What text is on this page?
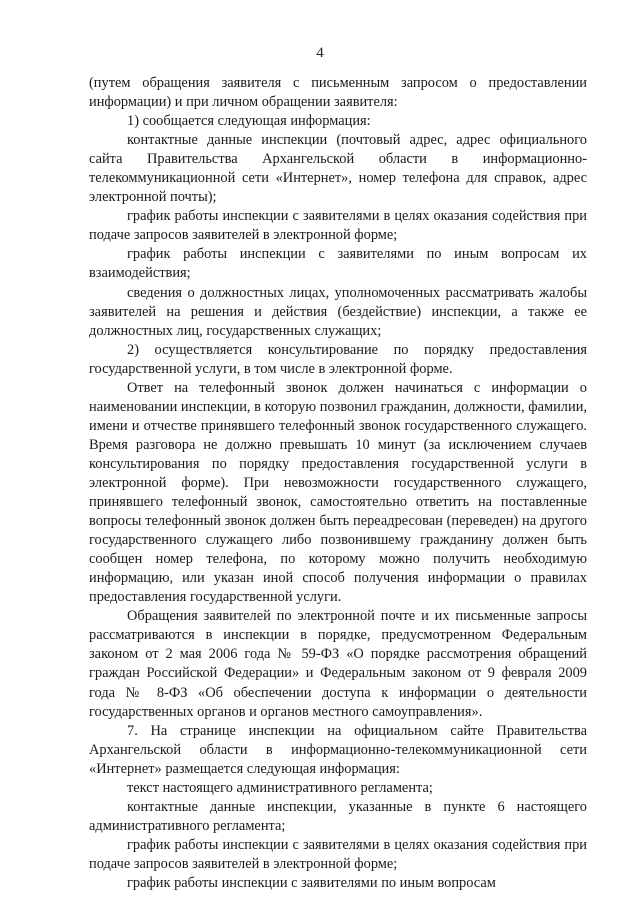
4

(путем обращения заявителя с письменным запросом о предоставлении информации) и при личном обращении заявителя:

1) сообщается следующая информация:

контактные данные инспекции (почтовый адрес, адрес официального сайта Правительства Архангельской области в информационно-телекоммуникационной сети «Интернет», номер телефона для справок, адрес электронной почты);

график работы инспекции с заявителями в целях оказания содействия при подаче запросов заявителей в электронной форме;

график работы инспекции с заявителями по иным вопросам их взаимодействия;

сведения о должностных лицах, уполномоченных рассматривать жалобы заявителей на решения и действия (бездействие) инспекции, а также ее должностных лиц, государственных служащих;

2) осуществляется консультирование по порядку предоставления государственной услуги, в том числе в электронной форме.

Ответ на телефонный звонок должен начинаться с информации о наименовании инспекции, в которую позвонил гражданин, должности, фамилии, имени и отчестве принявшего телефонный звонок государственного служащего. Время разговора не должно превышать 10 минут (за исключением случаев консультирования по порядку предоставления государственной услуги в электронной форме). При невозможности государственного служащего, принявшего телефонный звонок, самостоятельно ответить на поставленные вопросы телефонный звонок должен быть переадресован (переведен) на другого государственного служащего либо позвонившему гражданину должен быть сообщен номер телефона, по которому можно получить необходимую информацию, или указан иной способ получения информации о правилах предоставления государственной услуги.

Обращения заявителей по электронной почте и их письменные запросы рассматриваются в инспекции в порядке, предусмотренном Федеральным законом от 2 мая 2006 года № 59-ФЗ «О порядке рассмотрения обращений граждан Российской Федерации» и Федеральным законом от 9 февраля 2009 года № 8-ФЗ «Об обеспечении доступа к информации о деятельности государственных органов и органов местного самоуправления».

7. На странице инспекции на официальном сайте Правительства Архангельской области в информационно-телекоммуникационной сети «Интернет» размещается следующая информация:

текст настоящего административного регламента;

контактные данные инспекции, указанные в пункте 6 настоящего административного регламента;

график работы инспекции с заявителями в целях оказания содействия при подаче запросов заявителей в электронной форме;

график работы инспекции с заявителями по иным вопросам
